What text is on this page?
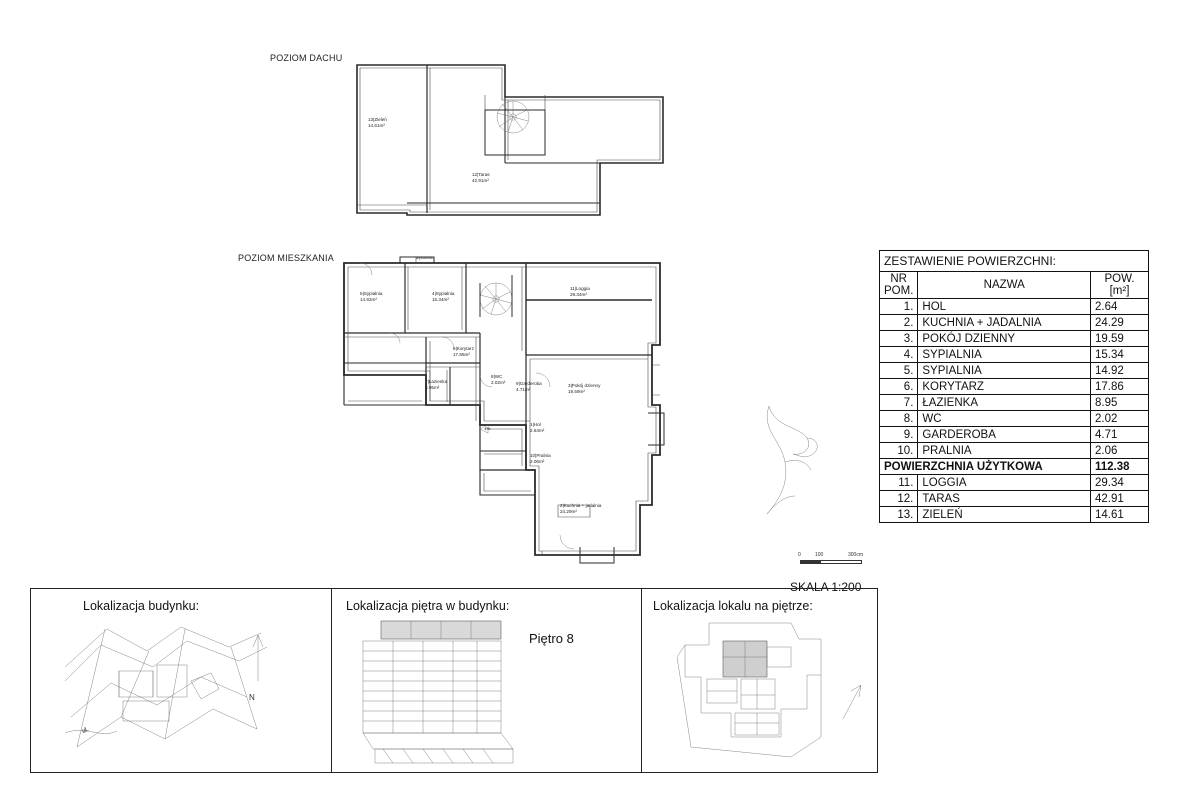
POZIOM DACHU
13|Zieleń
14.61m²
12|Taras
42.91m²
POZIOM MIESZKANIA
5|Sypialnia
14.92m²
4|Sypialnia
15.34m²
11|Loggia
29.34m²
6|Korytarz
17.86m²
7|Łazienka
8.95m²
8|WC
2.02m² 9|Garderoba
4.71m²
3|Pokój dzienny
19.59m²
1|Hol
2.64m²
10|Pralnia
2.06m²
2|Kuchnia + jadalnia
24.29m²
wysokość
PN
ZESTAWIENIE POWIERZCHNI:		
NR POM.	NAZWA	POW. [m²]
1.	HOL	2.64
2.	KUCHNIA + JADALNIA	24.29
3.	POKÓJ DZIENNY	19.59
4.	SYPIALNIA	15.34
5.	SYPIALNIA	14.92
6.	KORYTARZ	17.86
7.	ŁAZIENKA	8.95
8.	WC	2.02
9.	GARDEROBA	4.71
10.	PRALNIA	2.06
POWIERZCHNIA UŻYTKOWA		112.38
11.	LOGGIA	29.34
12.	TARAS	42.91
13.	ZIELEŃ	14.61
0	100	300cm
SKALA 1:200
Lokalizacja budynku:
ul.
N
Lokalizacja piętra w budynku:
Piętro 8
Lokalizacja lokalu na piętrze:
